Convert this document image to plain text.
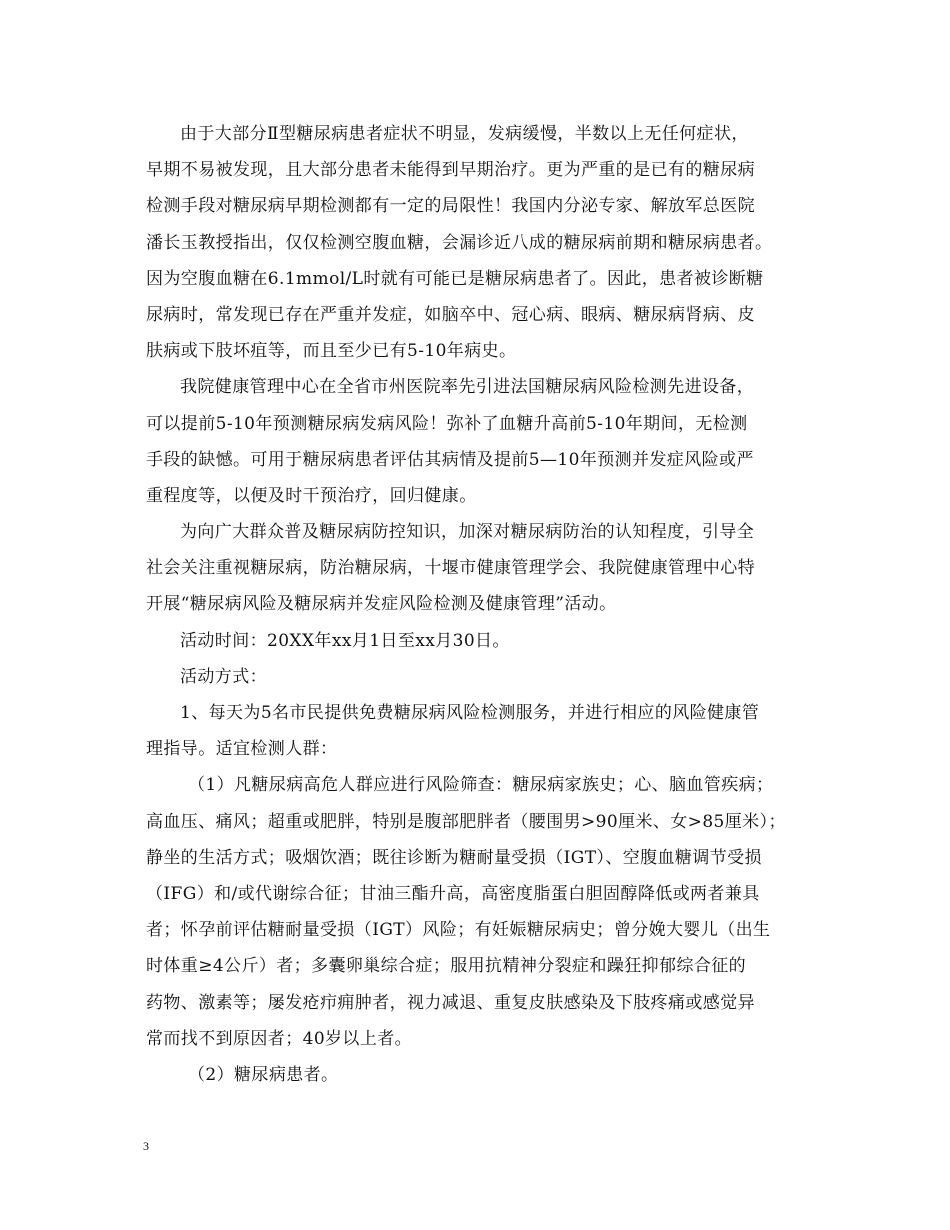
由于大部分Ⅱ型糖尿病患者症状不明显，发病缓慢，半数以上无任何症状，
早期不易被发现，且大部分患者未能得到早期治疗。更为严重的是已有的糖尿病
检测手段对糖尿病早期检测都有一定的局限性！我国内分泌专家、解放军总医院
潘长玉教授指出，仅仅检测空腹血糖，会漏诊近八成的糖尿病前期和糖尿病患者。
因为空腹血糖在6.1mmol/L时就有可能已是糖尿病患者了。因此，患者被诊断糖
尿病时，常发现已存在严重并发症，如脑卒中、冠心病、眼病、糖尿病肾病、皮
肤病或下肢坏疽等，而且至少已有5-10年病史。
我院健康管理中心在全省市州医院率先引进法国糖尿病风险检测先进设备，
可以提前5-10年预测糖尿病发病风险！弥补了血糖升高前5-10年期间，无检测
手段的缺憾。可用于糖尿病患者评估其病情及提前5—10年预测并发症风险或严
重程度等，以便及时干预治疗，回归健康。
为向广大群众普及糖尿病防控知识，加深对糖尿病防治的认知程度，引导全
社会关注重视糖尿病，防治糖尿病，十堰市健康管理学会、我院健康管理中心特
开展“糖尿病风险及糖尿病并发症风险检测及健康管理”活动。
活动时间：20XX年xx月1日至xx月30日。
活动方式：
1、每天为5名市民提供免费糖尿病风险检测服务，并进行相应的风险健康管
理指导。适宜检测人群：
（1）凡糖尿病高危人群应进行风险筛查：糖尿病家族史；心、脑血管疾病；
高血压、痛风；超重或肥胖，特别是腹部肥胖者（腰围男>90厘米、女>85厘米）；
静坐的生活方式；吸烟饮酒；既往诊断为糖耐量受损（IGT）、空腹血糖调节受损
（IFG）和/或代谢综合征；甘油三酯升高，高密度脂蛋白胆固醇降低或两者兼具
者；怀孕前评估糖耐量受损（IGT）风险；有妊娠糖尿病史；曾分娩大婴儿（出生
时体重≥4公斤）者；多囊卵巢综合症；服用抗精神分裂症和躁狂抑郁综合征的
药物、激素等；屡发疮疖痈肿者，视力减退、重复皮肤感染及下肢疼痛或感觉异
常而找不到原因者；40岁以上者。
（2）糖尿病患者。
3
